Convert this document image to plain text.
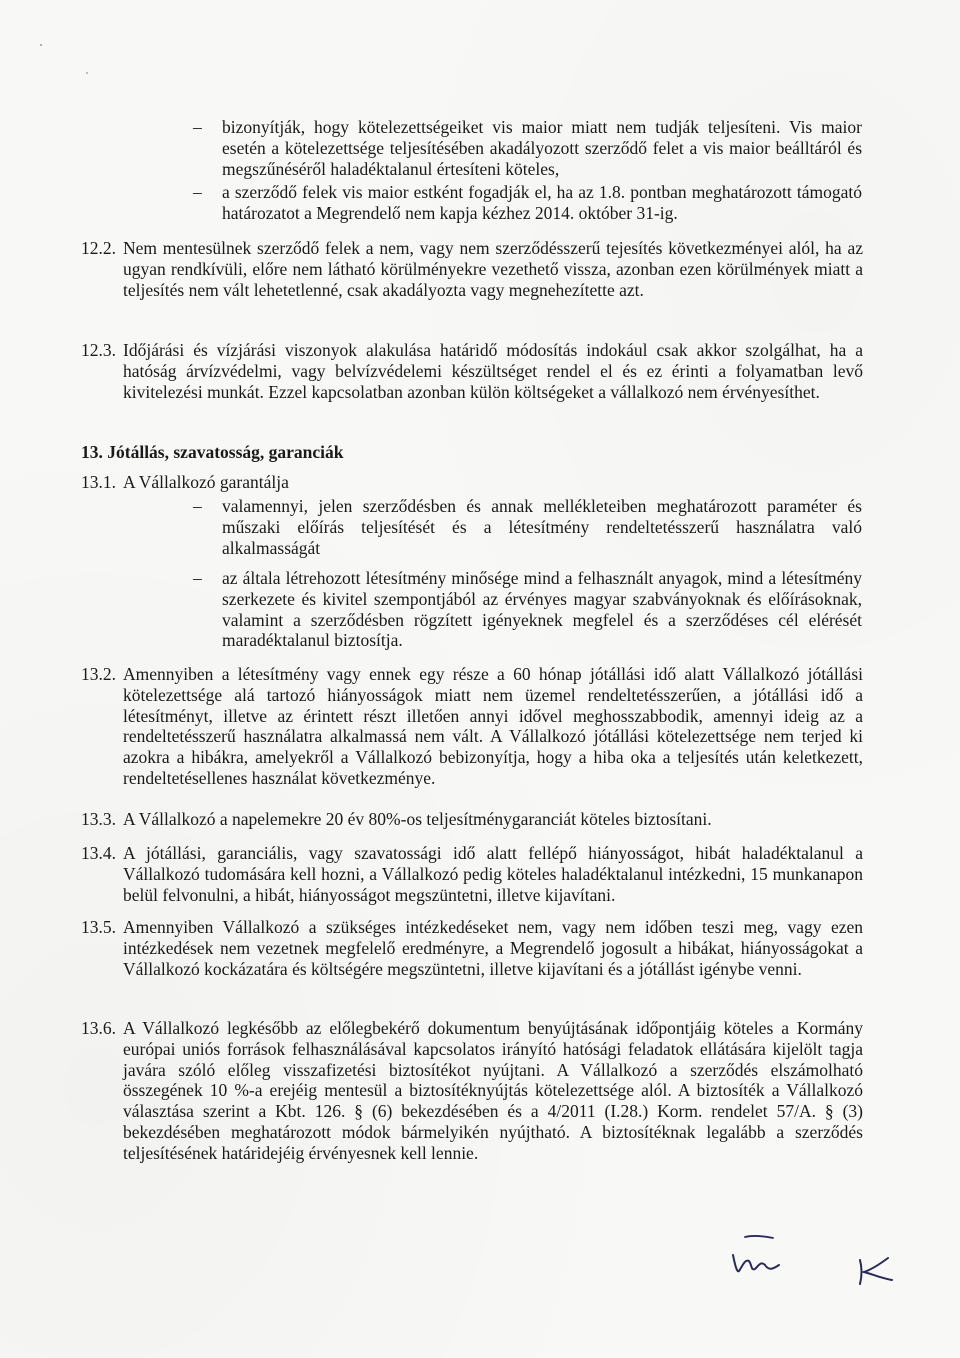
– bizonyítják, hogy kötelezettségeiket vis maior miatt nem tudják teljesíteni. Vis maior esetén a kötelezettsége teljesítésében akadályozott szerződő felet a vis maior beálltáról és megszűnéséről haladéktalanul értesíteni köteles,

– a szerződő felek vis maior estként fogadják el, ha az 1.8. pontban meghatározott támogató határozatot a Megrendelő nem kapja kézhez 2014. október 31-ig.

12.2. Nem mentesülnek szerződő felek a nem, vagy nem szerződésszerű tejesítés következményei alól, ha az ugyan rendkívüli, előre nem látható körülményekre vezethető vissza, azonban ezen körülmények miatt a teljesítés nem vált lehetetlenné, csak akadályozta vagy megnehezítette azt.

12.3. Időjárási és vízjárási viszonyok alakulása határidő módosítás indokául csak akkor szolgálhat, ha a hatóság árvízvédelmi, vagy belvízvédelemi készültséget rendel el és ez érinti a folyamatban levő kivitelezési munkát. Ezzel kapcsolatban azonban külön költségeket a vállalkozó nem érvényesíthet.

13. Jótállás, szavatosság, garanciák
13.1. A Vállalkozó garantálja

– valamennyi, jelen szerződésben és annak mellékleteiben meghatározott paraméter és műszaki előírás teljesítését és a létesítmény rendeltetésszerű használatra való alkalmasságát

– az általa létrehozott létesítmény minősége mind a felhasznált anyagok, mind a létesítmény szerkezete és kivitel szempontjából az érvényes magyar szabványoknak és előírásoknak, valamint a szerződésben rögzített igényeknek megfelel és a szerződéses cél elérését maradéktalanul biztosítja.

13.2. Amennyiben a létesítmény vagy ennek egy része a 60 hónap jótállási idő alatt Vállalkozó jótállási kötelezettsége alá tartozó hiányosságok miatt nem üzemel rendeltetésszerűen, a jótállási idő a létesítményt, illetve az érintett részt illetően annyi idővel meghosszabbodik, amennyi ideig az a rendeltetésszerű használatra alkalmassá nem vált. A Vállalkozó jótállási kötelezettsége nem terjed ki azokra a hibákra, amelyekről a Vállalkozó bebizonyítja, hogy a hiba oka a teljesítés után keletkezett, rendeltetésellenes használat következménye.

13.3. A Vállalkozó a napelemekre 20 év 80%-os teljesítménygaranciát köteles biztosítani.

13.4. A jótállási, garanciális, vagy szavatossági idő alatt fellépő hiányosságot, hibát haladéktalanul a Vállalkozó tudomására kell hozni, a Vállalkozó pedig köteles haladéktalanul intézkedni, 15 munkanapon belül felvonulni, a hibát, hiányosságot megszüntetni, illetve kijavítani.

13.5. Amennyiben Vállalkozó a szükséges intézkedéseket nem, vagy nem időben teszi meg, vagy ezen intézkedések nem vezetnek megfelelő eredményre, a Megrendelő jogosult a hibákat, hiányosságokat a Vállalkozó kockázatára és költségére megszüntetni, illetve kijavítani és a jótállást igénybe venni.

13.6. A Vállalkozó legkésőbb az előlegbekérő dokumentum benyújtásának időpontjáig köteles a Kormány európai uniós források felhasználásával kapcsolatos irányító hatósági feladatok ellátására kijelölt tagja javára szóló előleg visszafizetési biztosítékot nyújtani. A Vállalkozó a szerződés elszámolható összegének 10 %-a erejéig mentesül a biztosítéknyújtás kötelezettsége alól. A biztosíték a Vállalkozó választása szerint a Kbt. 126. § (6) bekezdésében és a 4/2011 (I.28.) Korm. rendelet 57/A. § (3) bekezdésében meghatározott módok bármelyikén nyújtható. A biztosítéknak legalább a szerződés teljesítésének határidejéig érvényesnek kell lennie.
